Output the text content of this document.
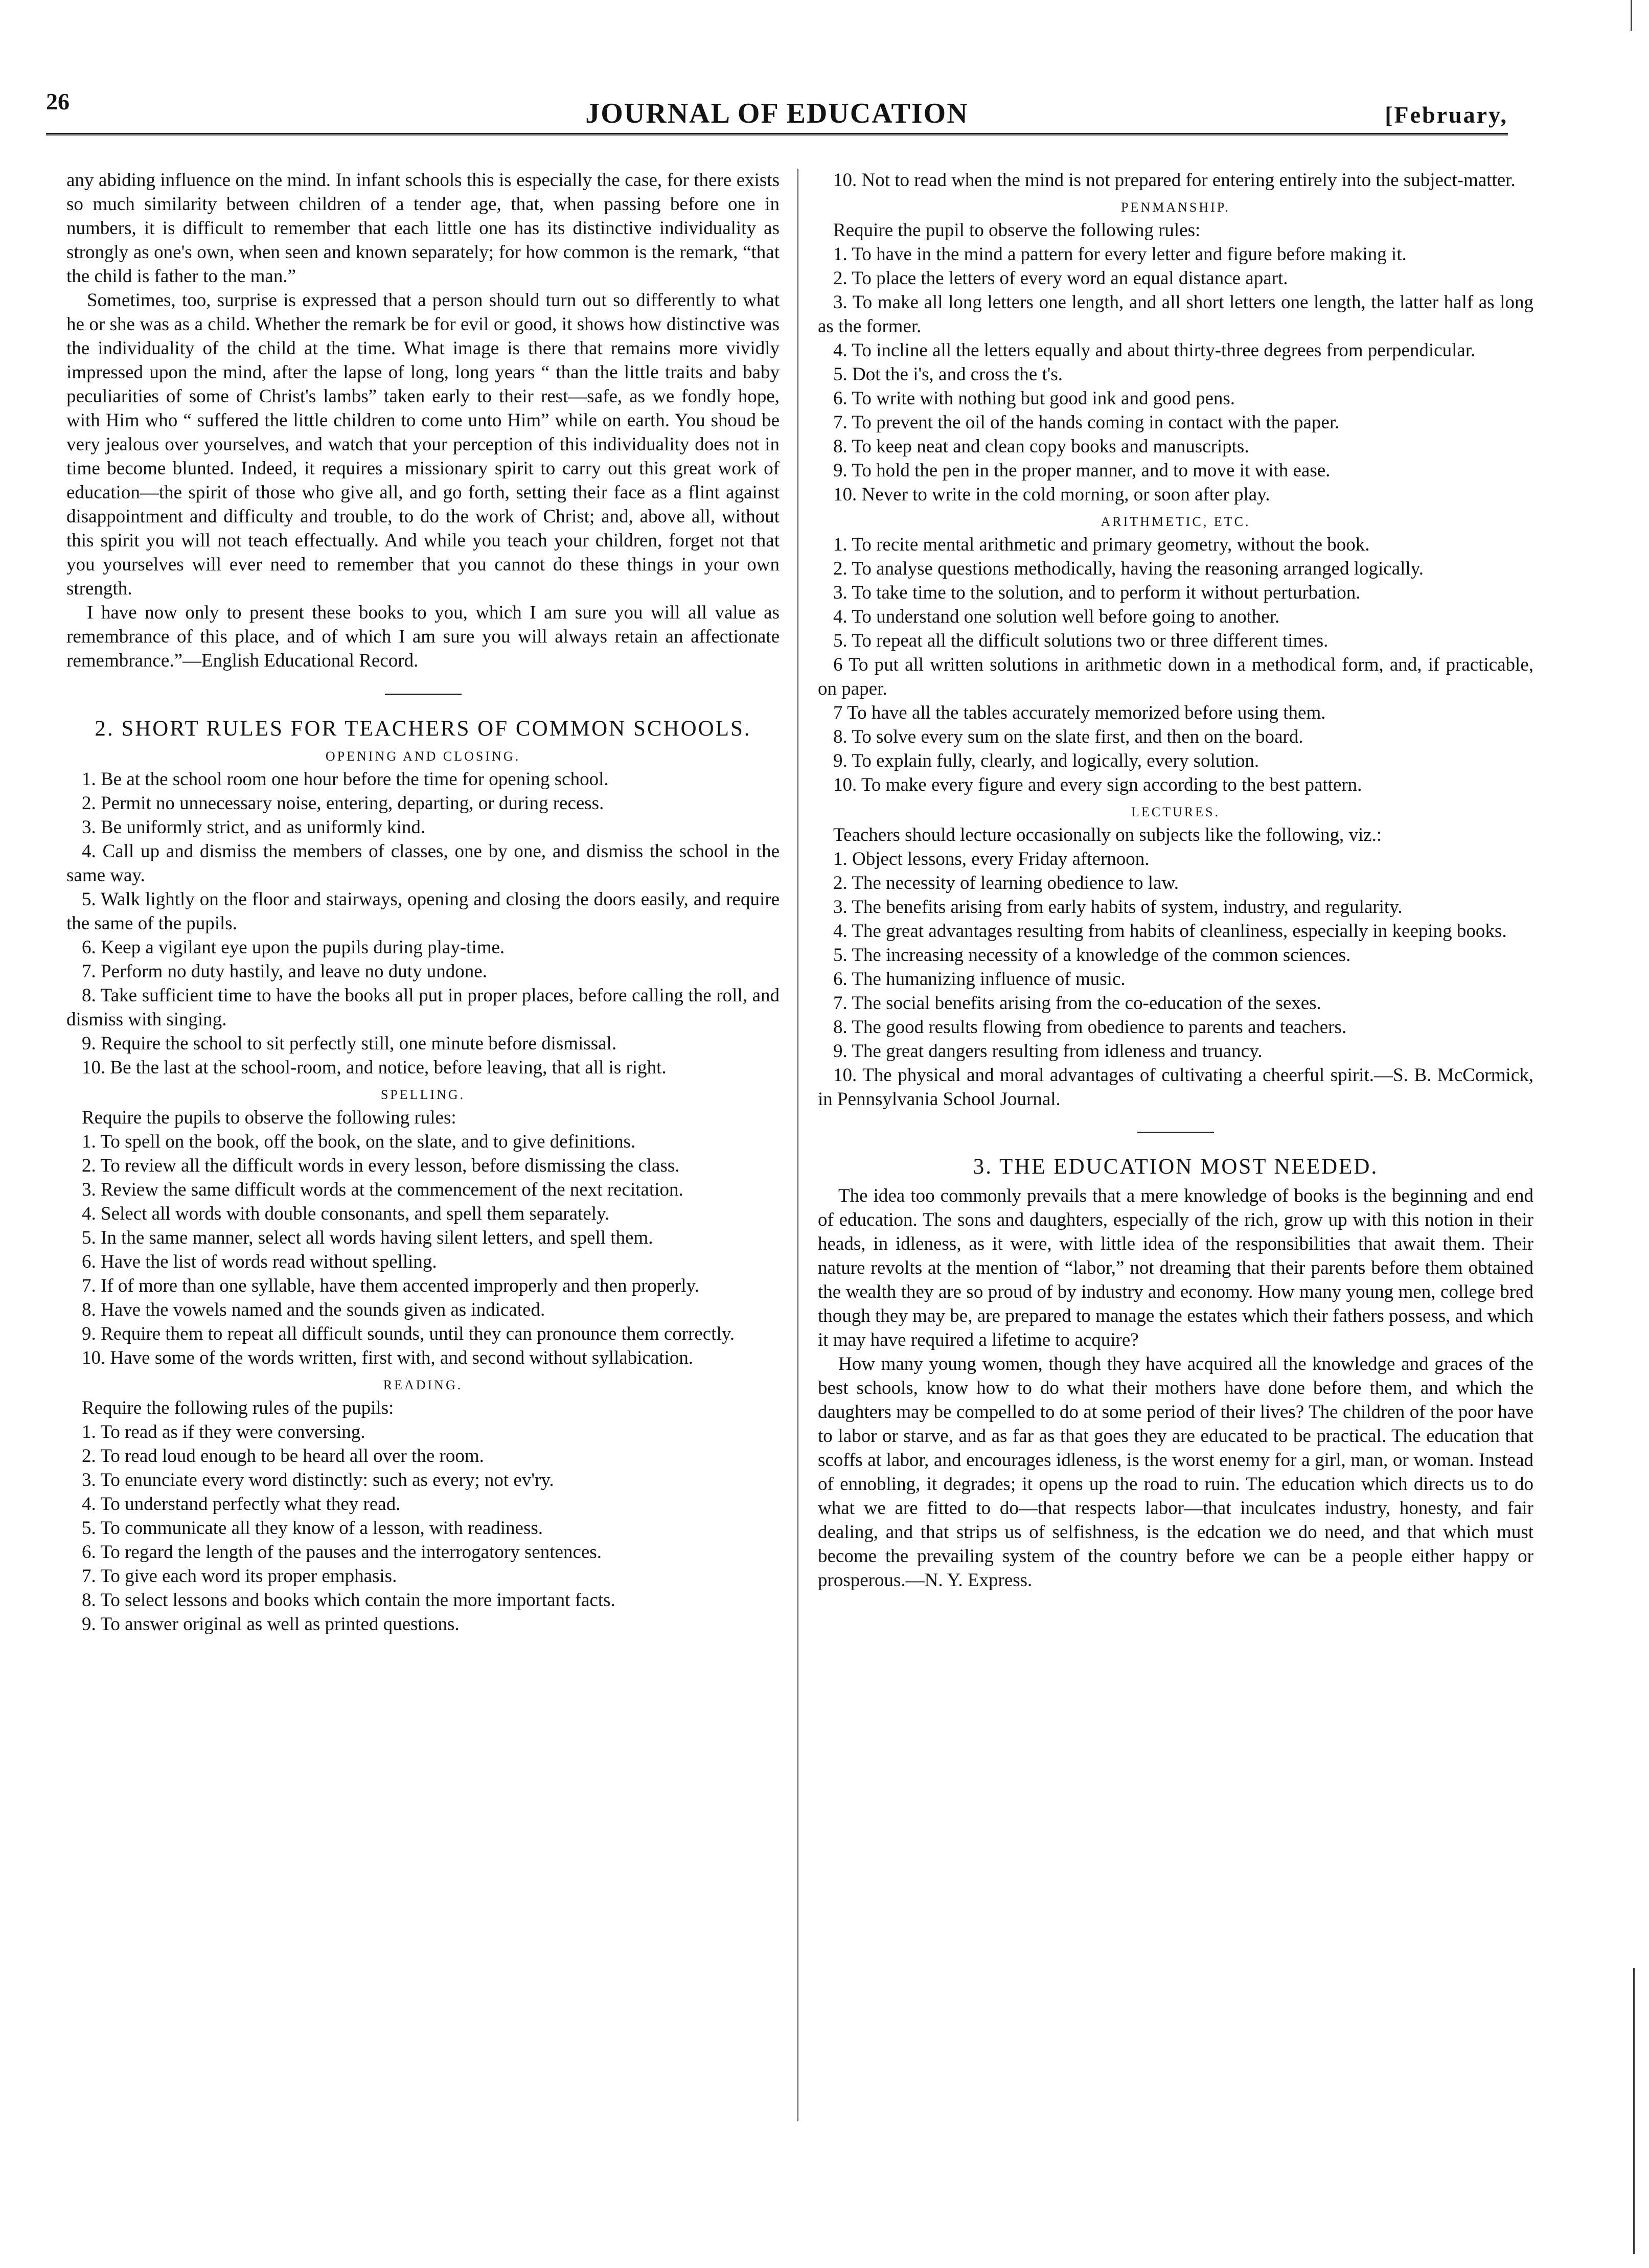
26	JOURNAL OF EDUCATION	[February,

any abiding influence on the mind. In infant schools this is especially the case, for there exists so much similarity between children of a tender age, that, when passing before one in numbers, it is difficult to remember that each little one has its distinctive individuality as strongly as one's own, when seen and known separately; for how common is the remark, “that the child is father to the man.”

Sometimes, too, surprise is expressed that a person should turn out so differently to what he or she was as a child. Whether the remark be for evil or good, it shows how distinctive was the individuality of the child at the time. What image is there that remains more vividly impressed upon the mind, after the lapse of long, long years “ than the little traits and baby peculiarities of some of Christ's lambs” taken early to their rest—safe, as we fondly hope, with Him who “ suffered the little children to come unto Him” while on earth. You shoud be very jealous over yourselves, and watch that your perception of this individuality does not in time become blunted. Indeed, it requires a missionary spirit to carry out this great work of education—the spirit of those who give all, and go forth, setting their face as a flint against disappointment and difficulty and trouble, to do the work of Christ; and, above all, without this spirit you will not teach effectually. And while you teach your children, forget not that you yourselves will ever need to remember that you cannot do these things in your own strength.

I have now only to present these books to you, which I am sure you will all value as remembrance of this place, and of which I am sure you will always retain an affectionate remembrance.”—English Educational Record.

2. SHORT RULES FOR TEACHERS OF COMMON SCHOOLS.
OPENING AND CLOSING.

1. Be at the school room one hour before the time for opening school.

2. Permit no unnecessary noise, entering, departing, or during recess.

3. Be uniformly strict, and as uniformly kind.

4. Call up and dismiss the members of classes, one by one, and dismiss the school in the same way.

5. Walk lightly on the floor and stairways, opening and closing the doors easily, and require the same of the pupils.

6. Keep a vigilant eye upon the pupils during play-time.

7. Perform no duty hastily, and leave no duty undone.

8. Take sufficient time to have the books all put in proper places, before calling the roll, and dismiss with singing.

9. Require the school to sit perfectly still, one minute before dismissal.

10. Be the last at the school-room, and notice, before leaving, that all is right.

SPELLING.

Require the pupils to observe the following rules:

1. To spell on the book, off the book, on the slate, and to give definitions.

2. To review all the difficult words in every lesson, before dismissing the class.

3. Review the same difficult words at the commencement of the next recitation.

4. Select all words with double consonants, and spell them separately.

5. In the same manner, select all words having silent letters, and spell them.

6. Have the list of words read without spelling.

7. If of more than one syllable, have them accented improperly and then properly.

8. Have the vowels named and the sounds given as indicated.

9. Require them to repeat all difficult sounds, until they can pronounce them correctly.

10. Have some of the words written, first with, and second without syllabication.

READING.

Require the following rules of the pupils:

1. To read as if they were conversing.

2. To read loud enough to be heard all over the room.

3. To enunciate every word distinctly: such as every; not ev'ry.

4. To understand perfectly what they read.

5. To communicate all they know of a lesson, with readiness.

6. To regard the length of the pauses and the interrogatory sentences.

7. To give each word its proper emphasis.

8. To select lessons and books which contain the more important facts.

9. To answer original as well as printed questions.

10. Not to read when the mind is not prepared for entering entirely into the subject-matter.

PENMANSHIP.

Require the pupil to observe the following rules:

1. To have in the mind a pattern for every letter and figure before making it.

2. To place the letters of every word an equal distance apart.

3. To make all long letters one length, and all short letters one length, the latter half as long as the former.

4. To incline all the letters equally and about thirty-three degrees from perpendicular.

5. Dot the i's, and cross the t's.

6. To write with nothing but good ink and good pens.

7. To prevent the oil of the hands coming in contact with the paper.

8. To keep neat and clean copy books and manuscripts.

9. To hold the pen in the proper manner, and to move it with ease.

10. Never to write in the cold morning, or soon after play.

ARITHMETIC, ETC.

1. To recite mental arithmetic and primary geometry, without the book.

2. To analyse questions methodically, having the reasoning arranged logically.

3. To take time to the solution, and to perform it without perturbation.

4. To understand one solution well before going to another.

5. To repeat all the difficult solutions two or three different times.

6 To put all written solutions in arithmetic down in a methodical form, and, if practicable, on paper.

7 To have all the tables accurately memorized before using them.

8. To solve every sum on the slate first, and then on the board.

9. To explain fully, clearly, and logically, every solution.

10. To make every figure and every sign according to the best pattern.

LECTURES.

Teachers should lecture occasionally on subjects like the following, viz.:

1. Object lessons, every Friday afternoon.

2. The necessity of learning obedience to law.

3. The benefits arising from early habits of system, industry, and regularity.

4. The great advantages resulting from habits of cleanliness, especially in keeping books.

5. The increasing necessity of a knowledge of the common sciences.

6. The humanizing influence of music.

7. The social benefits arising from the co-education of the sexes.

8. The good results flowing from obedience to parents and teachers.

9. The great dangers resulting from idleness and truancy.

10. The physical and moral advantages of cultivating a cheerful spirit.—S. B. McCormick, in Pennsylvania School Journal.

3. THE EDUCATION MOST NEEDED.

The idea too commonly prevails that a mere knowledge of books is the beginning and end of education. The sons and daughters, especially of the rich, grow up with this notion in their heads, in idleness, as it were, with little idea of the responsibilities that await them. Their nature revolts at the mention of “labor,” not dreaming that their parents before them obtained the wealth they are so proud of by industry and economy. How many young men, college bred though they may be, are prepared to manage the estates which their fathers possess, and which it may have required a lifetime to acquire?

How many young women, though they have acquired all the knowledge and graces of the best schools, know how to do what their mothers have done before them, and which the daughters may be compelled to do at some period of their lives? The children of the poor have to labor or starve, and as far as that goes they are educated to be practical. The education that scoffs at labor, and encourages idleness, is the worst enemy for a girl, man, or woman. Instead of ennobling, it degrades; it opens up the road to ruin. The education which directs us to do what we are fitted to do—that respects labor—that inculcates industry, honesty, and fair dealing, and that strips us of selfishness, is the edcation we do need, and that which must become the prevailing system of the country before we can be a people either happy or prosperous.—N. Y. Express.
